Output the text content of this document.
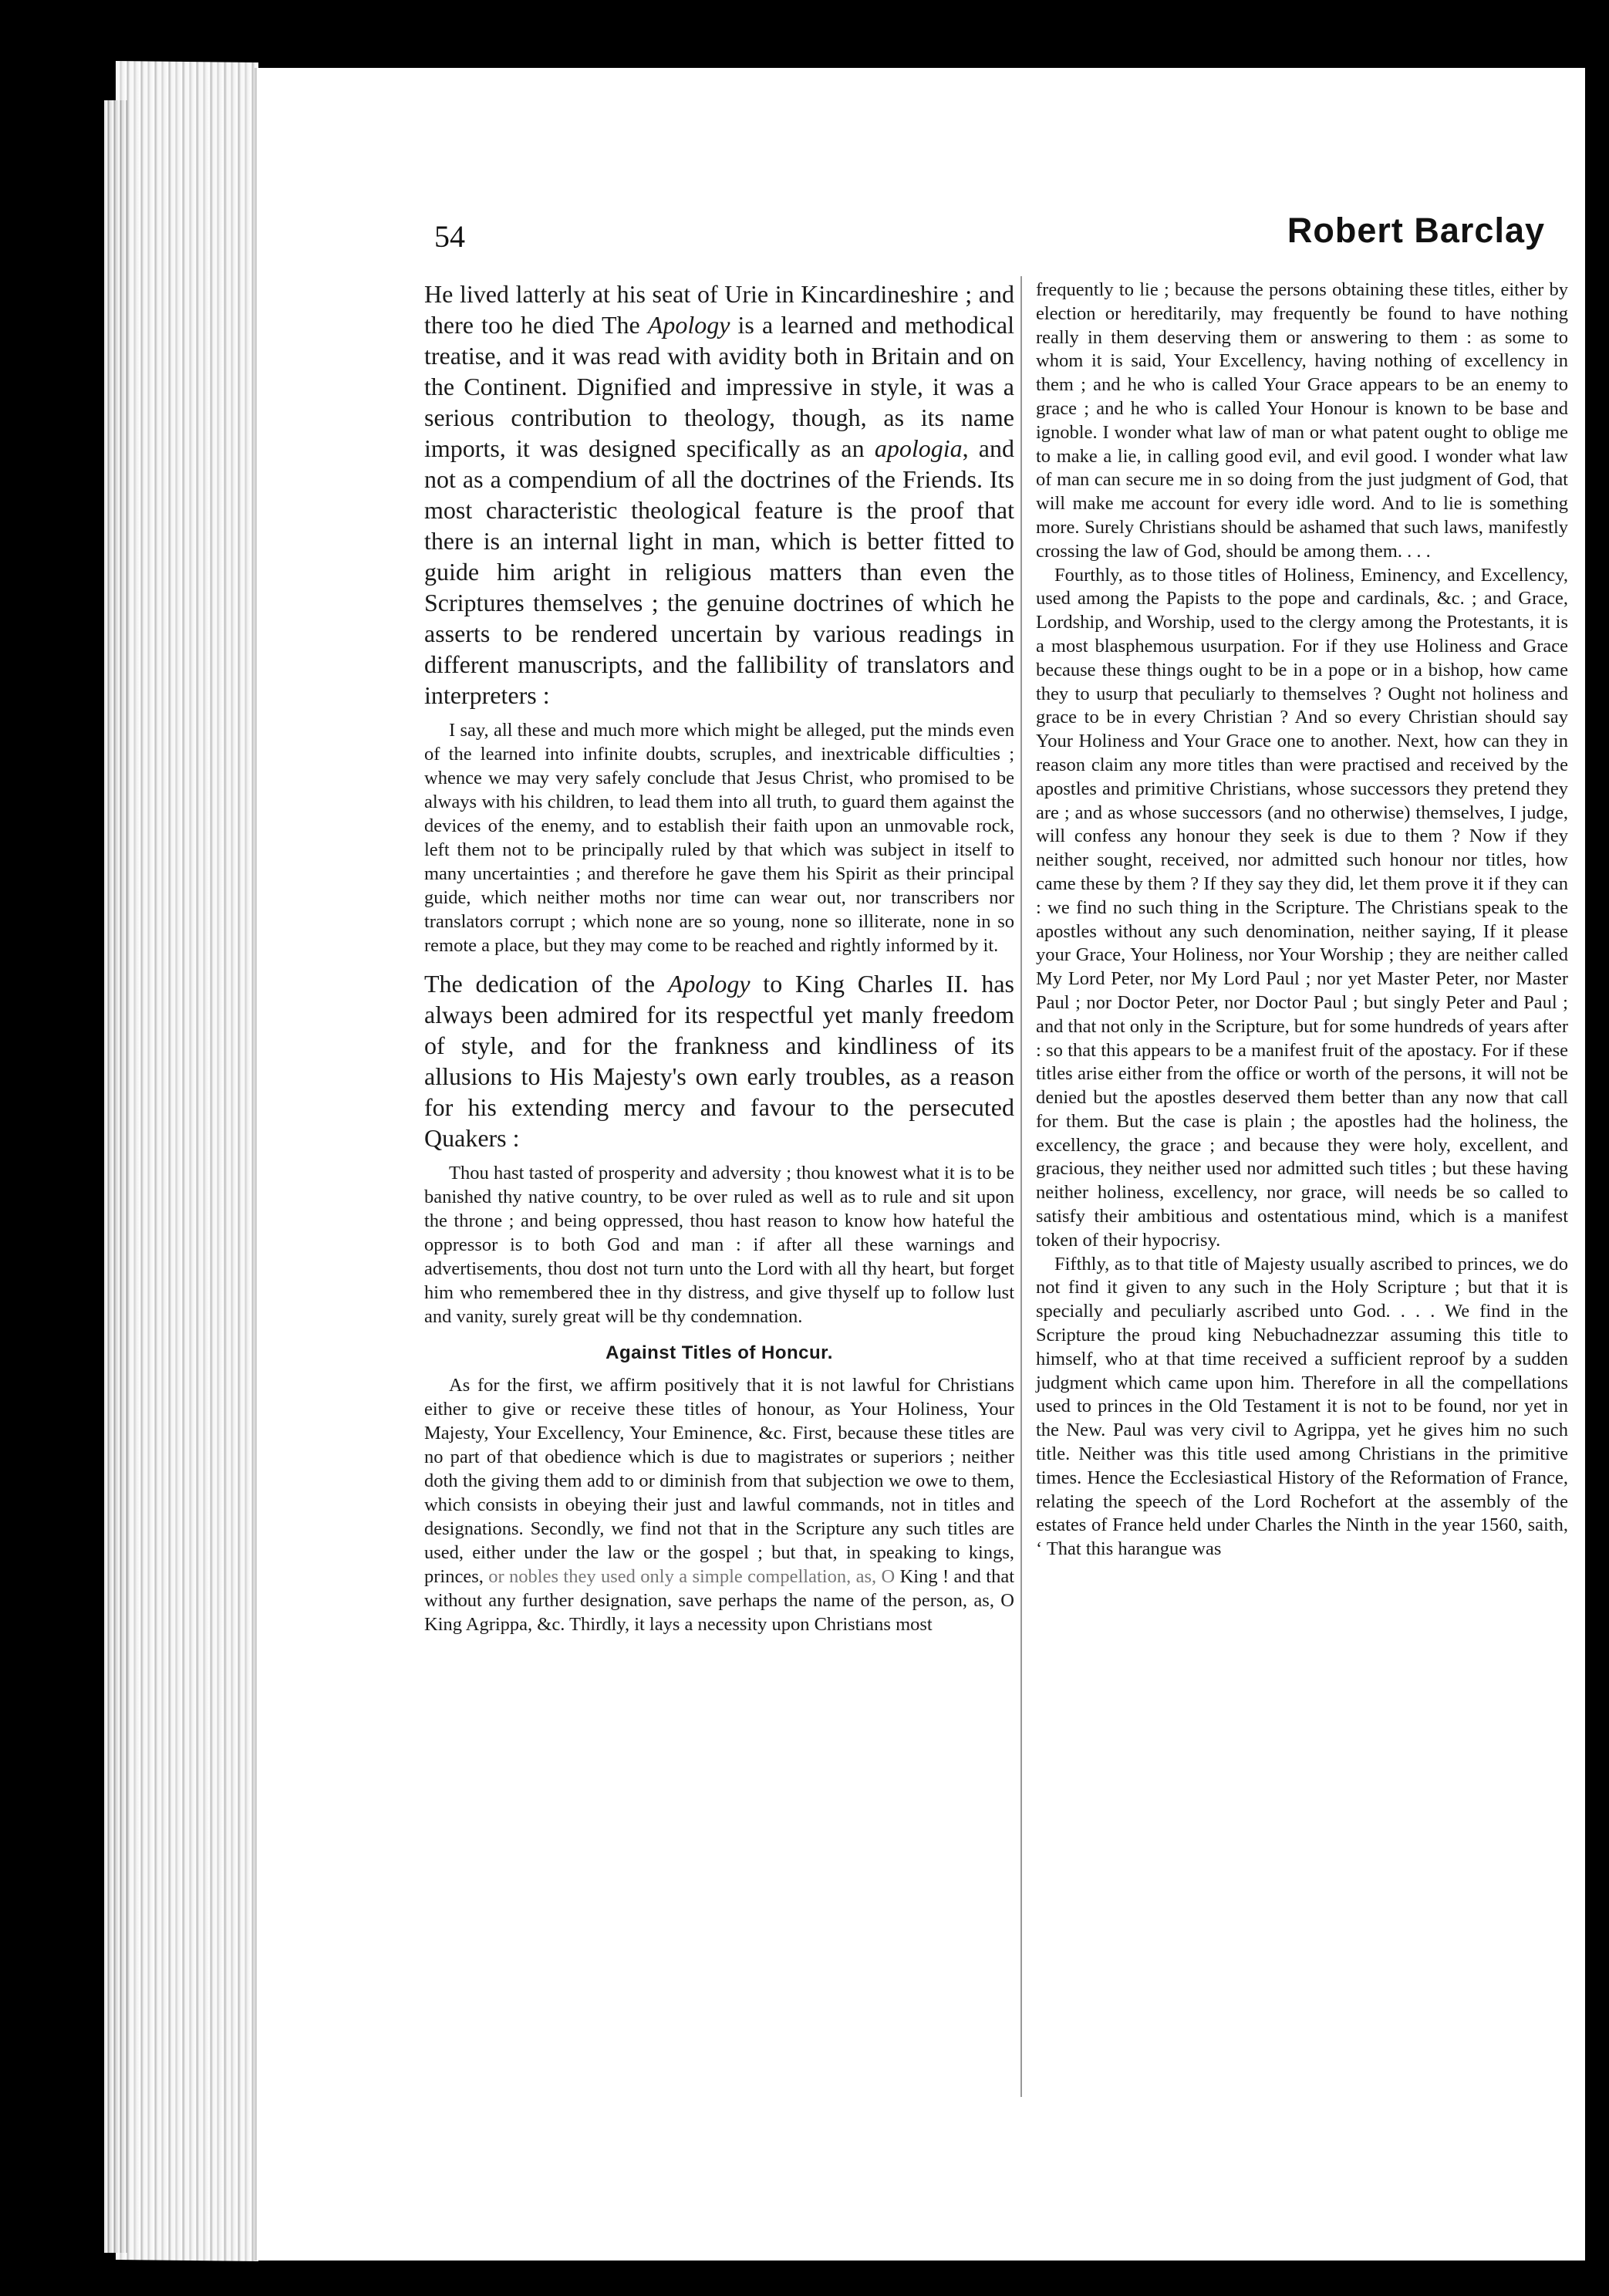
54	Robert Barclay

He lived latterly at his seat of Urie in Kincardineshire ; and there too he died The Apology is a learned and methodical treatise, and it was read with avidity both in Britain and on the Continent. Dignified and impressive in style, it was a serious contribution to theology, though, as its name imports, it was designed specifically as an apologia, and not as a compendium of all the doctrines of the Friends. Its most characteristic theological feature is the proof that there is an internal light in man, which is better fitted to guide him aright in religious matters than even the Scriptures themselves ; the genuine doctrines of which he asserts to be rendered uncertain by various readings in different manuscripts, and the fallibility of translators and interpreters :

I say, all these and much more which might be alleged, put the minds even of the learned into infinite doubts, scruples, and inextricable difficulties ; whence we may very safely conclude that Jesus Christ, who promised to be always with his children, to lead them into all truth, to guard them against the devices of the enemy, and to establish their faith upon an unmovable rock, left them not to be principally ruled by that which was subject in itself to many uncertainties ; and therefore he gave them his Spirit as their principal guide, which neither moths nor time can wear out, nor transcribers nor translators corrupt ; which none are so young, none so illiterate, none in so remote a place, but they may come to be reached and rightly informed by it.

The dedication of the Apology to King Charles II. has always been admired for its respectful yet manly freedom of style, and for the frankness and kindliness of its allusions to His Majesty's own early troubles, as a reason for his extending mercy and favour to the persecuted Quakers :

Thou hast tasted of prosperity and adversity ; thou knowest what it is to be banished thy native country, to be over ruled as well as to rule and sit upon the throne ; and being oppressed, thou hast reason to know how hateful the oppressor is to both God and man : if after all these warnings and advertisements, thou dost not turn unto the Lord with all thy heart, but forget him who remembered thee in thy distress, and give thyself up to follow lust and vanity, surely great will be thy condemnation.

Against Titles of Honcur.

As for the first, we affirm positively that it is not lawful for Christians either to give or receive these titles of honour, as Your Holiness, Your Majesty, Your Excellency, Your Eminence, &c. First, because these titles are no part of that obedience which is due to magistrates or superiors ; neither doth the giving them add to or diminish from that subjection we owe to them, which consists in obeying their just and lawful commands, not in titles and designations. Secondly, we find not that in the Scripture any such titles are used, either under the law or the gospel ; but that, in speaking to kings, princes, or nobles they used only a simple compellation, as, O King ! and that without any further designation, save perhaps the name of the person, as, O King Agrippa, &c. Thirdly, it lays a necessity upon Christians most

frequently to lie ; because the persons obtaining these titles, either by election or hereditarily, may frequently be found to have nothing really in them deserving them or answering to them : as some to whom it is said, Your Excellency, having nothing of excellency in them ; and he who is called Your Grace appears to be an enemy to grace ; and he who is called Your Honour is known to be base and ignoble. I wonder what law of man or what patent ought to oblige me to make a lie, in calling good evil, and evil good. I wonder what law of man can secure me in so doing from the just judgment of God, that will make me account for every idle word. And to lie is something more. Surely Christians should be ashamed that such laws, manifestly crossing the law of God, should be among them. . . .

Fourthly, as to those titles of Holiness, Eminency, and Excellency, used among the Papists to the pope and cardinals, &c. ; and Grace, Lordship, and Worship, used to the clergy among the Protestants, it is a most blasphemous usurpation. For if they use Holiness and Grace because these things ought to be in a pope or in a bishop, how came they to usurp that peculiarly to themselves ? Ought not holiness and grace to be in every Christian ? And so every Christian should say Your Holiness and Your Grace one to another. Next, how can they in reason claim any more titles than were practised and received by the apostles and primitive Christians, whose successors they pretend they are ; and as whose successors (and no otherwise) themselves, I judge, will confess any honour they seek is due to them ? Now if they neither sought, received, nor admitted such honour nor titles, how came these by them ? If they say they did, let them prove it if they can : we find no such thing in the Scripture. The Christians speak to the apostles without any such denomination, neither saying, If it please your Grace, Your Holiness, nor Your Worship ; they are neither called My Lord Peter, nor My Lord Paul ; nor yet Master Peter, nor Master Paul ; nor Doctor Peter, nor Doctor Paul ; but singly Peter and Paul ; and that not only in the Scripture, but for some hundreds of years after : so that this appears to be a manifest fruit of the apostacy. For if these titles arise either from the office or worth of the persons, it will not be denied but the apostles deserved them better than any now that call for them. But the case is plain ; the apostles had the holiness, the excellency, the grace ; and because they were holy, excellent, and gracious, they neither used nor admitted such titles ; but these having neither holiness, excellency, nor grace, will needs be so called to satisfy their ambitious and ostentatious mind, which is a manifest token of their hypocrisy.

Fifthly, as to that title of Majesty usually ascribed to princes, we do not find it given to any such in the Holy Scripture ; but that it is specially and peculiarly ascribed unto God. . . . We find in the Scripture the proud king Nebuchadnezzar assuming this title to himself, who at that time received a sufficient reproof by a sudden judgment which came upon him. Therefore in all the compellations used to princes in the Old Testament it is not to be found, nor yet in the New. Paul was very civil to Agrippa, yet he gives him no such title. Neither was this title used among Christians in the primitive times. Hence the Ecclesiastical History of the Reformation of France, relating the speech of the Lord Rochefort at the assembly of the estates of France held under Charles the Ninth in the year 1560, saith, ‘ That this harangue was
